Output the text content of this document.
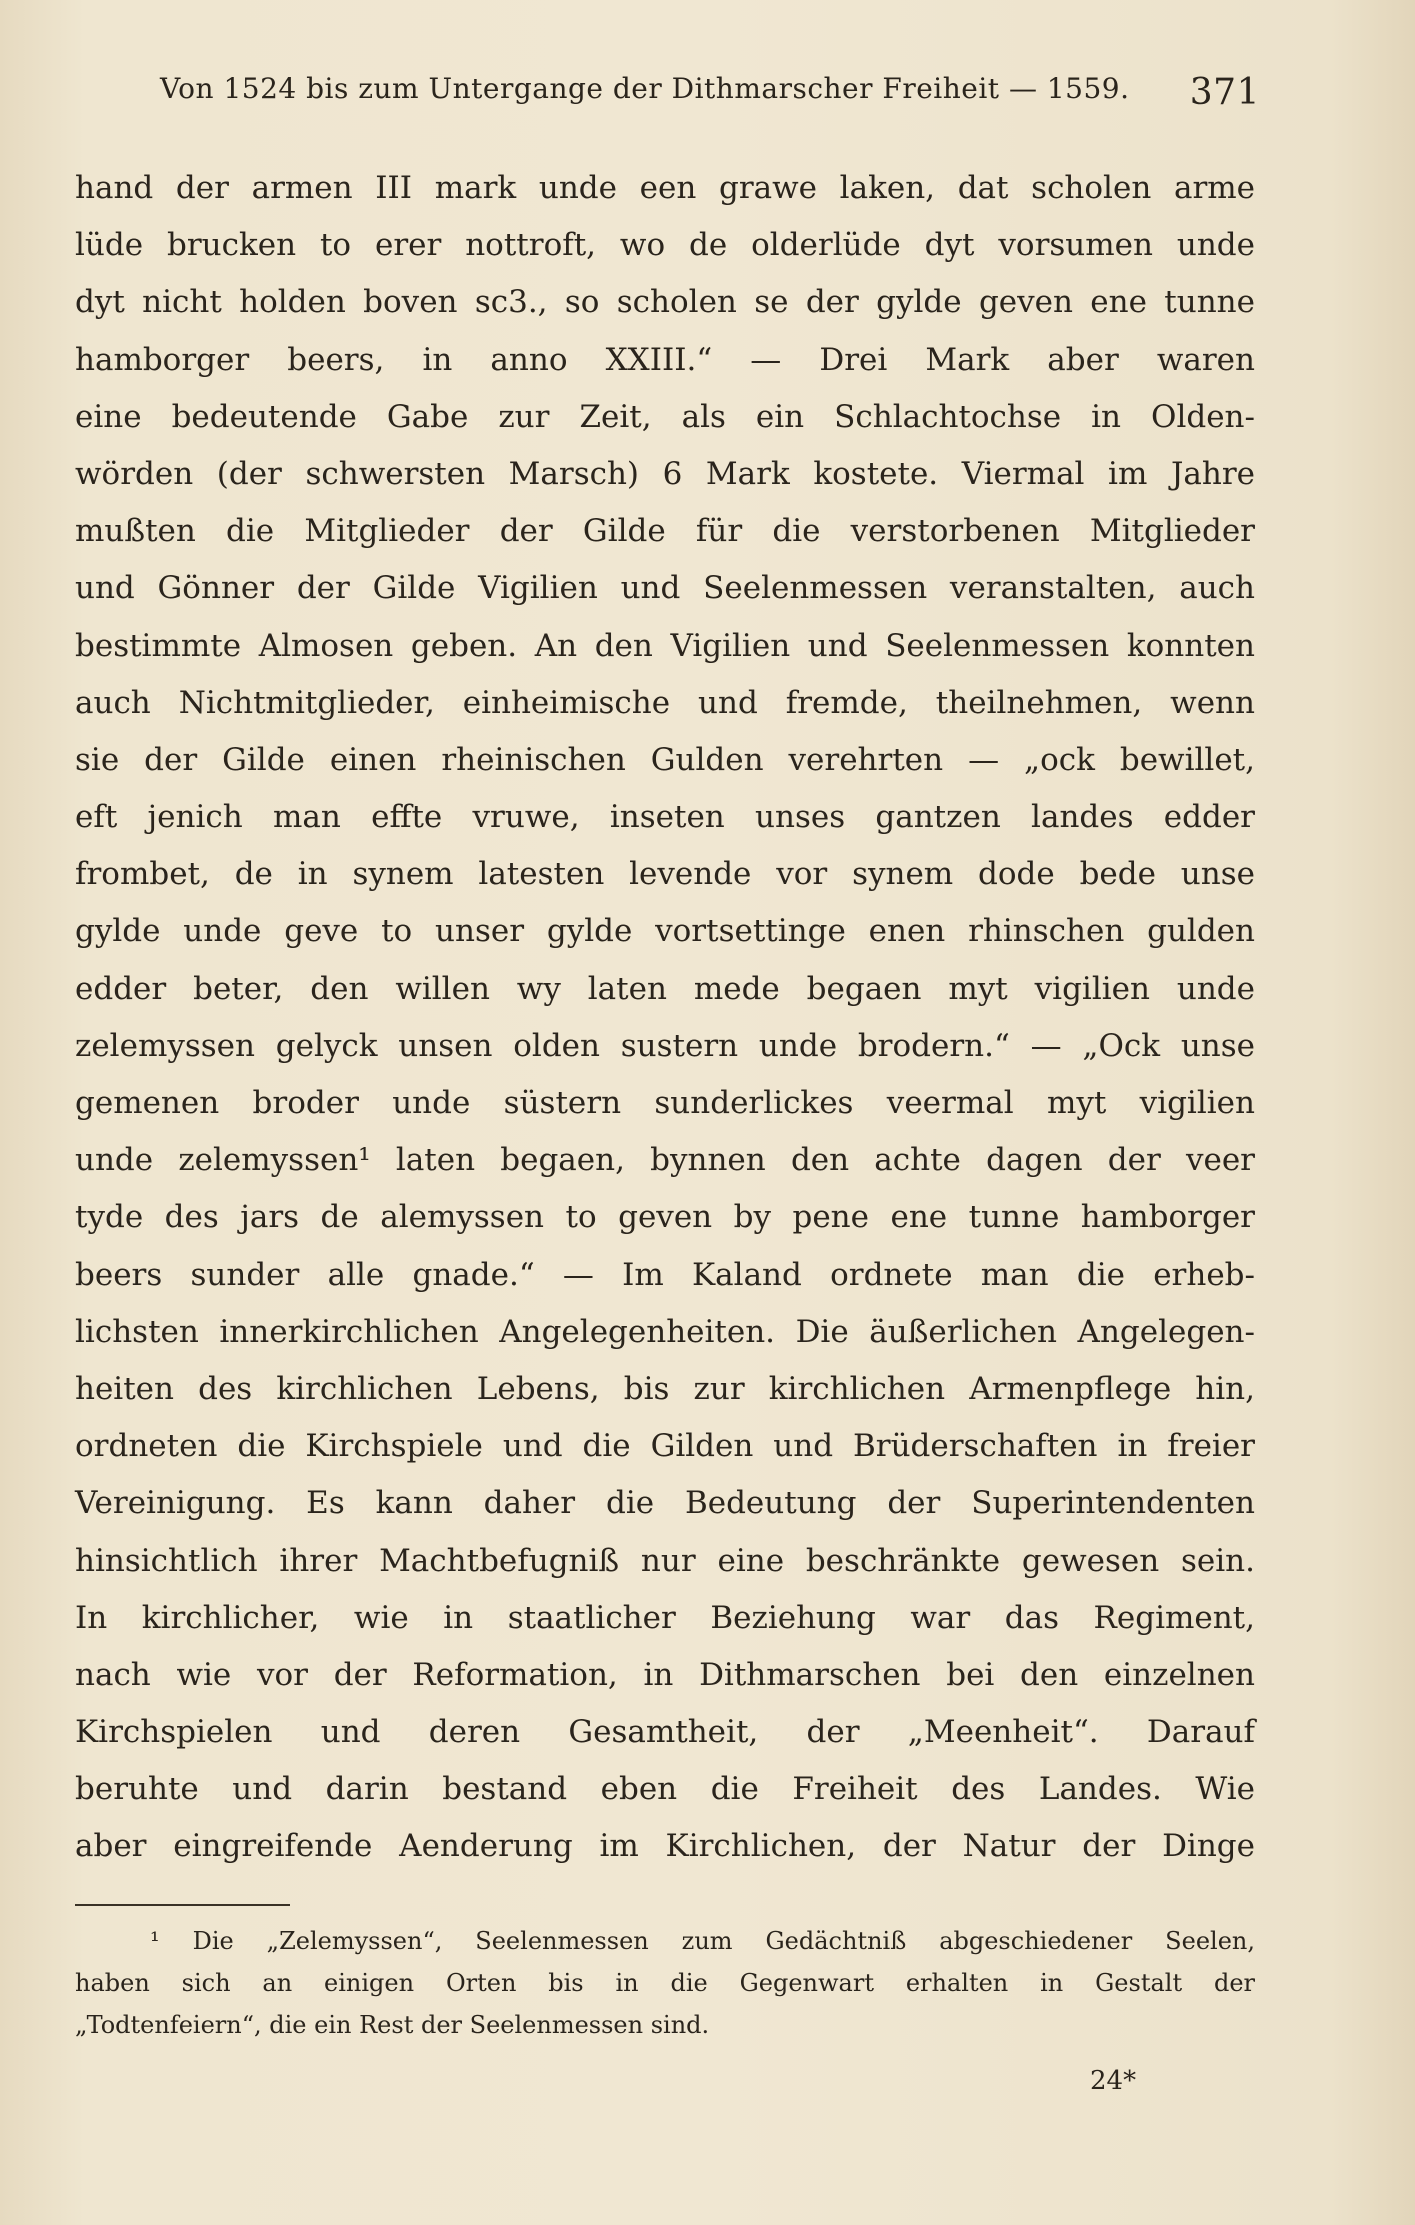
Von 1524 bis zum Untergange der Dithmarscher Freiheit — 1559. 371
hand der armen III mark unde een grawe laken, dat scholen arme
lüde brucken to erer nottroft, wo de olderlüde dyt vorsumen unde
dyt nicht holden boven sc3., so scholen se der gylde geven ene tunne
hamborger beers, in anno XXIII.“ — Drei Mark aber waren
eine bedeutende Gabe zur Zeit, als ein Schlachtochse in Olden-
wörden (der schwersten Marsch) 6 Mark kostete. Viermal im Jahre
mußten die Mitglieder der Gilde für die verstorbenen Mitglieder
und Gönner der Gilde Vigilien und Seelenmessen veranstalten, auch
bestimmte Almosen geben. An den Vigilien und Seelenmessen konnten
auch Nichtmitglieder, einheimische und fremde, theilnehmen, wenn
sie der Gilde einen rheinischen Gulden verehrten — „ock bewillet,
eft jenich man effte vruwe, inseten unses gantzen landes edder
frombet, de in synem latesten levende vor synem dode bede unse
gylde unde geve to unser gylde vortsettinge enen rhinschen gulden
edder beter, den willen wy laten mede begaen myt vigilien unde
zelemyssen gelyck unsen olden sustern unde brodern.“ — „Ock unse
gemenen broder unde süstern sunderlickes veermal myt vigilien
unde zelemyssen¹ laten begaen, bynnen den achte dagen der veer
tyde des jars de alemyssen to geven by pene ene tunne hamborger
beers sunder alle gnade.“ — Im Kaland ordnete man die erheb-
lichsten innerkirchlichen Angelegenheiten. Die äußerlichen Angelegen-
heiten des kirchlichen Lebens, bis zur kirchlichen Armenpflege hin,
ordneten die Kirchspiele und die Gilden und Brüderschaften in freier
Vereinigung. Es kann daher die Bedeutung der Superintendenten
hinsichtlich ihrer Machtbefugniß nur eine beschränkte gewesen sein.
In kirchlicher, wie in staatlicher Beziehung war das Regiment,
nach wie vor der Reformation, in Dithmarschen bei den einzelnen
Kirchspielen und deren Gesamtheit, der „Meenheit“. Darauf
beruhte und darin bestand eben die Freiheit des Landes. Wie
aber eingreifende Aenderung im Kirchlichen, der Natur der Dinge
¹ Die „Zelemyssen“, Seelenmessen zum Gedächtniß abgeschiedener Seelen,
haben sich an einigen Orten bis in die Gegenwart erhalten in Gestalt der
„Todtenfeiern“, die ein Rest der Seelenmessen sind.
24*
